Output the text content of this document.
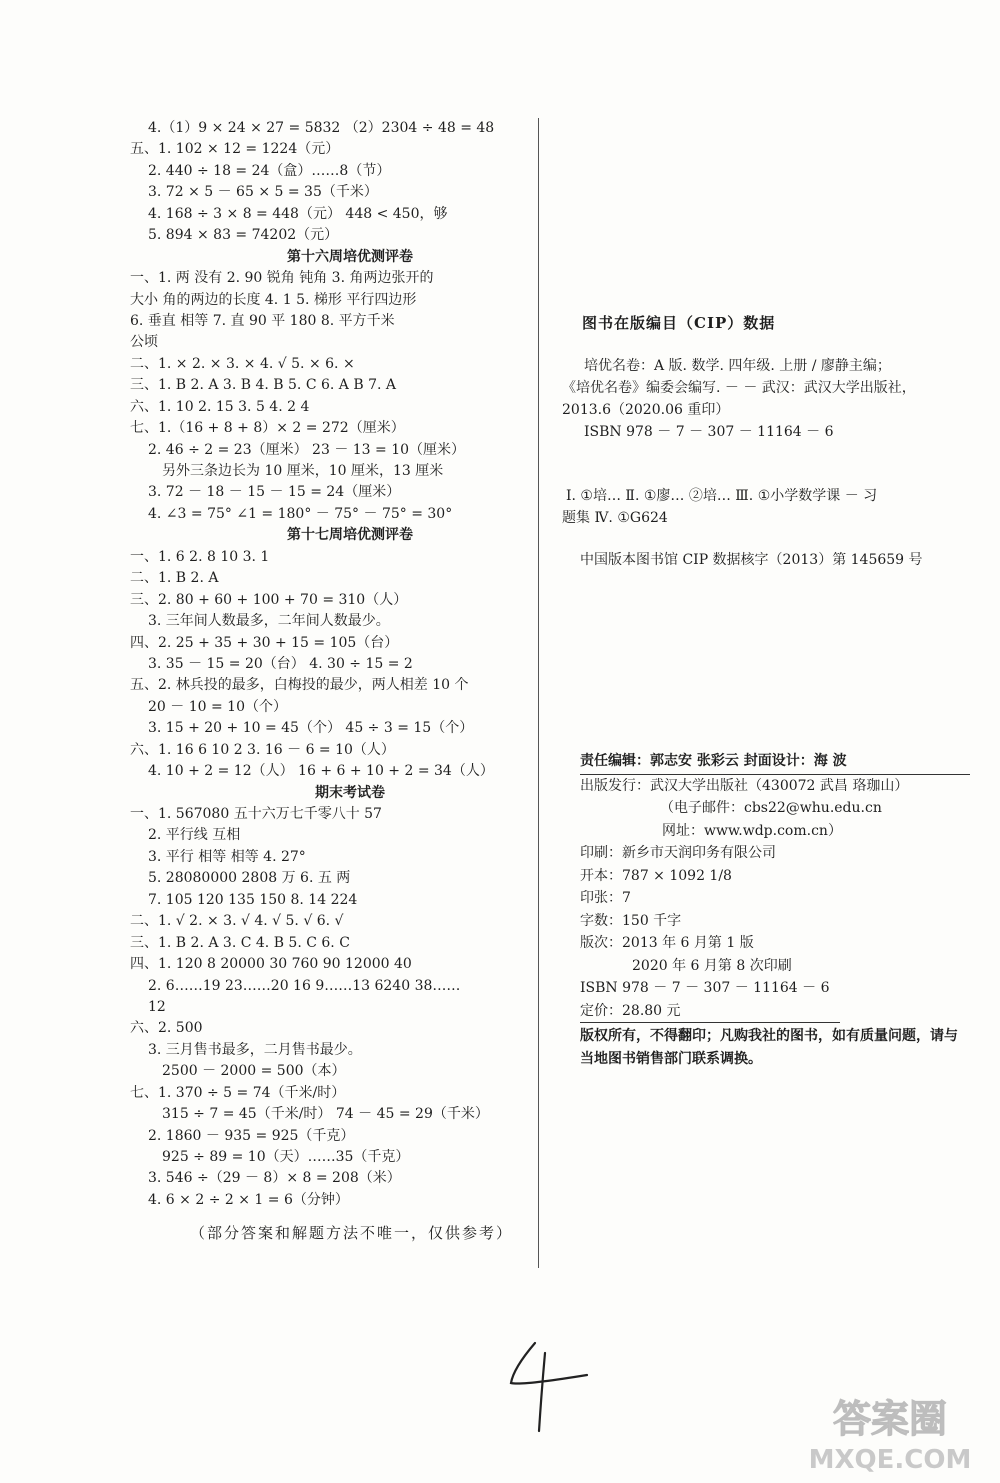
4.（1）9 × 24 × 27 = 5832 （2）2304 ÷ 48 = 48
五、1. 102 × 12 = 1224（元）
2. 440 ÷ 18 = 24（盒）……8（节）
3. 72 × 5 － 65 × 5 = 35（千米）
4. 168 ÷ 3 × 8 = 448（元） 448 < 450，够
5. 894 × 83 = 74202（元）
第十六周培优测评卷
一、1. 两 没有 2. 90 锐角 钝角 3. 角两边张开的
大小 角的两边的长度 4. 1 5. 梯形 平行四边形
6. 垂直 相等 7. 直 90 平 180 8. 平方千米
公顷
二、1. × 2. × 3. × 4. √ 5. × 6. ×
三、1. B 2. A 3. B 4. B 5. C 6. A B 7. A
六、1. 10 2. 15 3. 5 4. 2 4
七、1.（16 + 8 + 8）× 2 = 272（厘米）
2. 46 ÷ 2 = 23（厘米） 23 － 13 = 10（厘米）
另外三条边长为 10 厘米，10 厘米，13 厘米
3. 72 － 18 － 15 － 15 = 24（厘米）
4. ∠3 = 75° ∠1 = 180° － 75° － 75° = 30°
第十七周培优测评卷
一、1. 6 2. 8 10 3. 1
二、1. B 2. A
三、2. 80 + 60 + 100 + 70 = 310（人）
3. 三年间人数最多，二年间人数最少。
四、2. 25 + 35 + 30 + 15 = 105（台）
3. 35 － 15 = 20（台） 4. 30 ÷ 15 = 2
五、2. 林兵投的最多，白梅投的最少，两人相差 10 个
20 － 10 = 10（个）
3. 15 + 20 + 10 = 45（个） 45 ÷ 3 = 15（个）
六、1. 16 6 10 2 3. 16 － 6 = 10（人）
4. 10 + 2 = 12（人） 16 + 6 + 10 + 2 = 34（人）
期末考试卷
一、1. 567080 五十六万七千零八十 57
2. 平行线 互相
3. 平行 相等 相等 4. 27°
5. 28080000 2808 万 6. 五 两
7. 105 120 135 150 8. 14 224
二、1. √ 2. × 3. √ 4. √ 5. √ 6. √
三、1. B 2. A 3. C 4. B 5. C 6. C
四、1. 120 8 20000 30 760 90 12000 40
2. 6……19 23……20 16 9……13 6240 38……
12
六、2. 500
3. 三月售书最多，二月售书最少。
2500 － 2000 = 500（本）
七、1. 370 ÷ 5 = 74（千米/时）
315 ÷ 7 = 45（千米/时） 74 － 45 = 29（千米）
2. 1860 － 935 = 925（千克）
925 ÷ 89 = 10（天）……35（千克）
3. 546 ÷（29 － 8）× 8 = 208（米）
4. 6 × 2 ÷ 2 × 1 = 6（分钟）
（部分答案和解题方法不唯一，仅供参考）
图书在版编目（CIP）数据
培优名卷：A 版. 数学. 四年级. 上册 / 廖静主编；
《培优名卷》编委会编写. － － 武汉：武汉大学出版社，
2013.6（2020.06 重印）
ISBN 978 － 7 － 307 － 11164 － 6
Ⅰ. ①培… Ⅱ. ①廖… ②培… Ⅲ. ①小学数学课 － 习
题集 Ⅳ. ①G624
中国版本图书馆 CIP 数据核字（2013）第 145659 号
责任编辑：郭志安 张彩云 封面设计：海 波
出版发行：武汉大学出版社（430072 武昌 珞珈山）
（电子邮件：cbs22@whu.edu.cn
网址：www.wdp.com.cn）
印刷：新乡市天润印务有限公司
开本：787 × 1092 1/8
印张：7
字数：150 千字
版次：2013 年 6 月第 1 版
2020 年 6 月第 8 次印刷
ISBN 978 － 7 － 307 － 11164 － 6
定价：28.80 元
版权所有，不得翻印；凡购我社的图书，如有质量问题，请与当地图书销售部门联系调换。
答案圈
MXQE.COM
